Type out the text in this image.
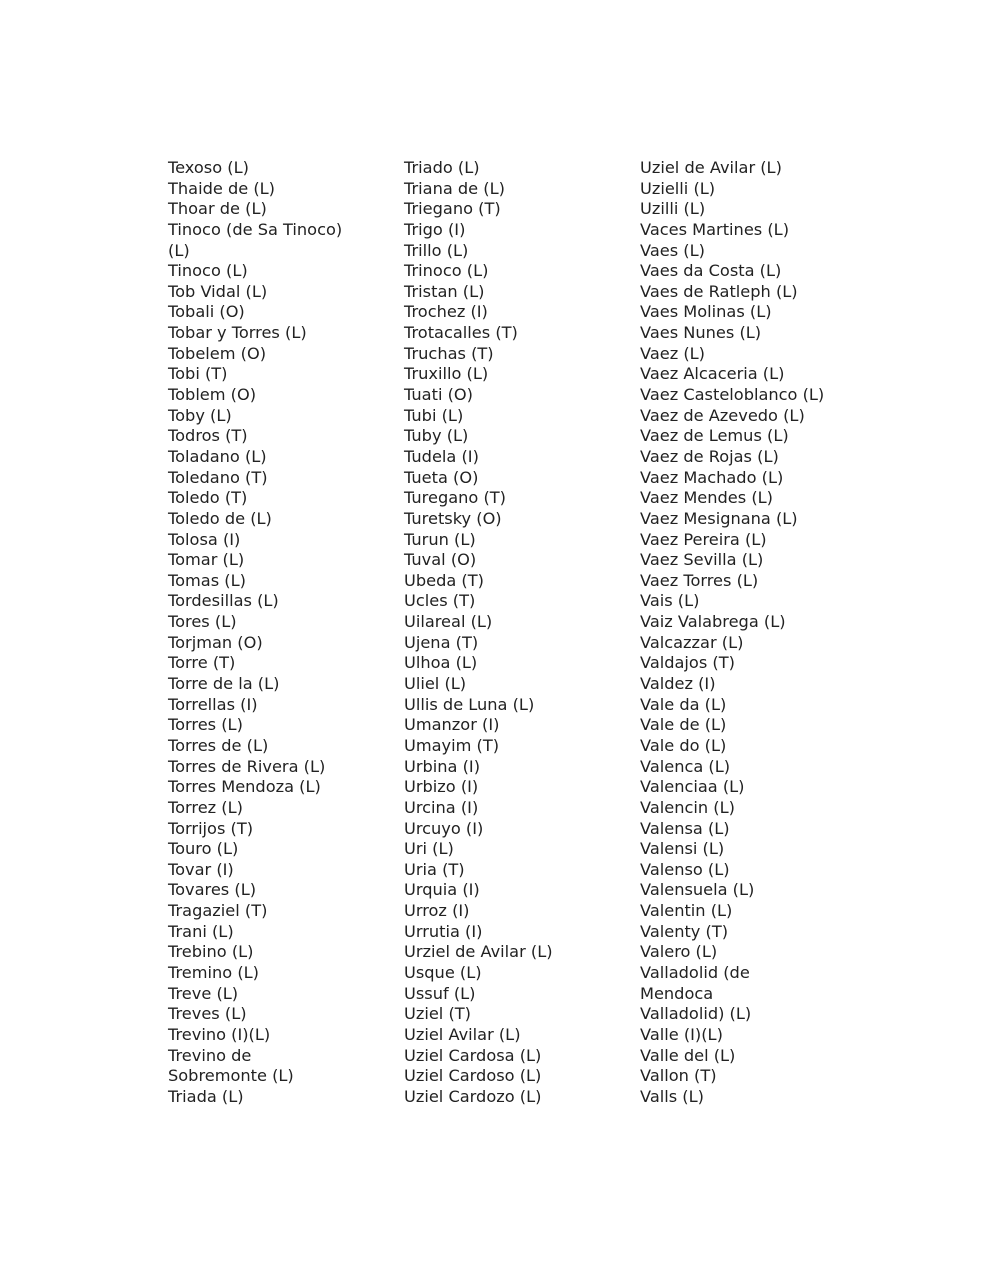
Texoso (L)
Thaide de (L)
Thoar de (L)
Tinoco (de Sa Tinoco)
(L)
Tinoco (L)
Tob Vidal (L)
Tobali (O)
Tobar y Torres (L)
Tobelem (O)
Tobi (T)
Toblem (O)
Toby (L)
Todros (T)
Toladano (L)
Toledano (T)
Toledo (T)
Toledo de (L)
Tolosa (I)
Tomar (L)
Tomas (L)
Tordesillas (L)
Tores (L)
Torjman (O)
Torre (T)
Torre de la (L)
Torrellas (I)
Torres (L)
Torres de (L)
Torres de Rivera (L)
Torres Mendoza (L)
Torrez (L)
Torrijos (T)
Touro (L)
Tovar (I)
Tovares (L)
Tragaziel (T)
Trani (L)
Trebino (L)
Tremino (L)
Treve (L)
Treves (L)
Trevino (I)(L)
Trevino de
Sobremonte (L)
Triada (L)
Triado (L)
Triana de (L)
Triegano (T)
Trigo (I)
Trillo (L)
Trinoco (L)
Tristan (L)
Trochez (I)
Trotacalles (T)
Truchas (T)
Truxillo (L)
Tuati (O)
Tubi (L)
Tuby (L)
Tudela (I)
Tueta (O)
Turegano (T)
Turetsky (O)
Turun (L)
Tuval (O)
Ubeda (T)
Ucles (T)
Uilareal (L)
Ujena (T)
Ulhoa (L)
Uliel (L)
Ullis de Luna (L)
Umanzor (I)
Umayim (T)
Urbina (I)
Urbizo (I)
Urcina (I)
Urcuyo (I)
Uri (L)
Uria (T)
Urquia (I)
Urroz (I)
Urrutia (I)
Urziel de Avilar (L)
Usque (L)
Ussuf (L)
Uziel (T)
Uziel Avilar (L)
Uziel Cardosa (L)
Uziel Cardoso (L)
Uziel Cardozo (L)
Uziel de Avilar (L)
Uzielli (L)
Uzilli (L)
Vaces Martines (L)
Vaes (L)
Vaes da Costa (L)
Vaes de Ratleph (L)
Vaes Molinas (L)
Vaes Nunes (L)
Vaez (L)
Vaez Alcaceria (L)
Vaez Casteloblanco (L)
Vaez de Azevedo (L)
Vaez de Lemus (L)
Vaez de Rojas (L)
Vaez Machado (L)
Vaez Mendes (L)
Vaez Mesignana (L)
Vaez Pereira (L)
Vaez Sevilla (L)
Vaez Torres (L)
Vais (L)
Vaiz Valabrega (L)
Valcazzar (L)
Valdajos (T)
Valdez (I)
Vale da (L)
Vale de (L)
Vale do (L)
Valenca (L)
Valenciaa (L)
Valencin (L)
Valensa (L)
Valensi (L)
Valenso (L)
Valensuela (L)
Valentin (L)
Valenty (T)
Valero (L)
Valladolid (de
Mendoca
Valladolid) (L)
Valle (I)(L)
Valle del (L)
Vallon (T)
Valls (L)
